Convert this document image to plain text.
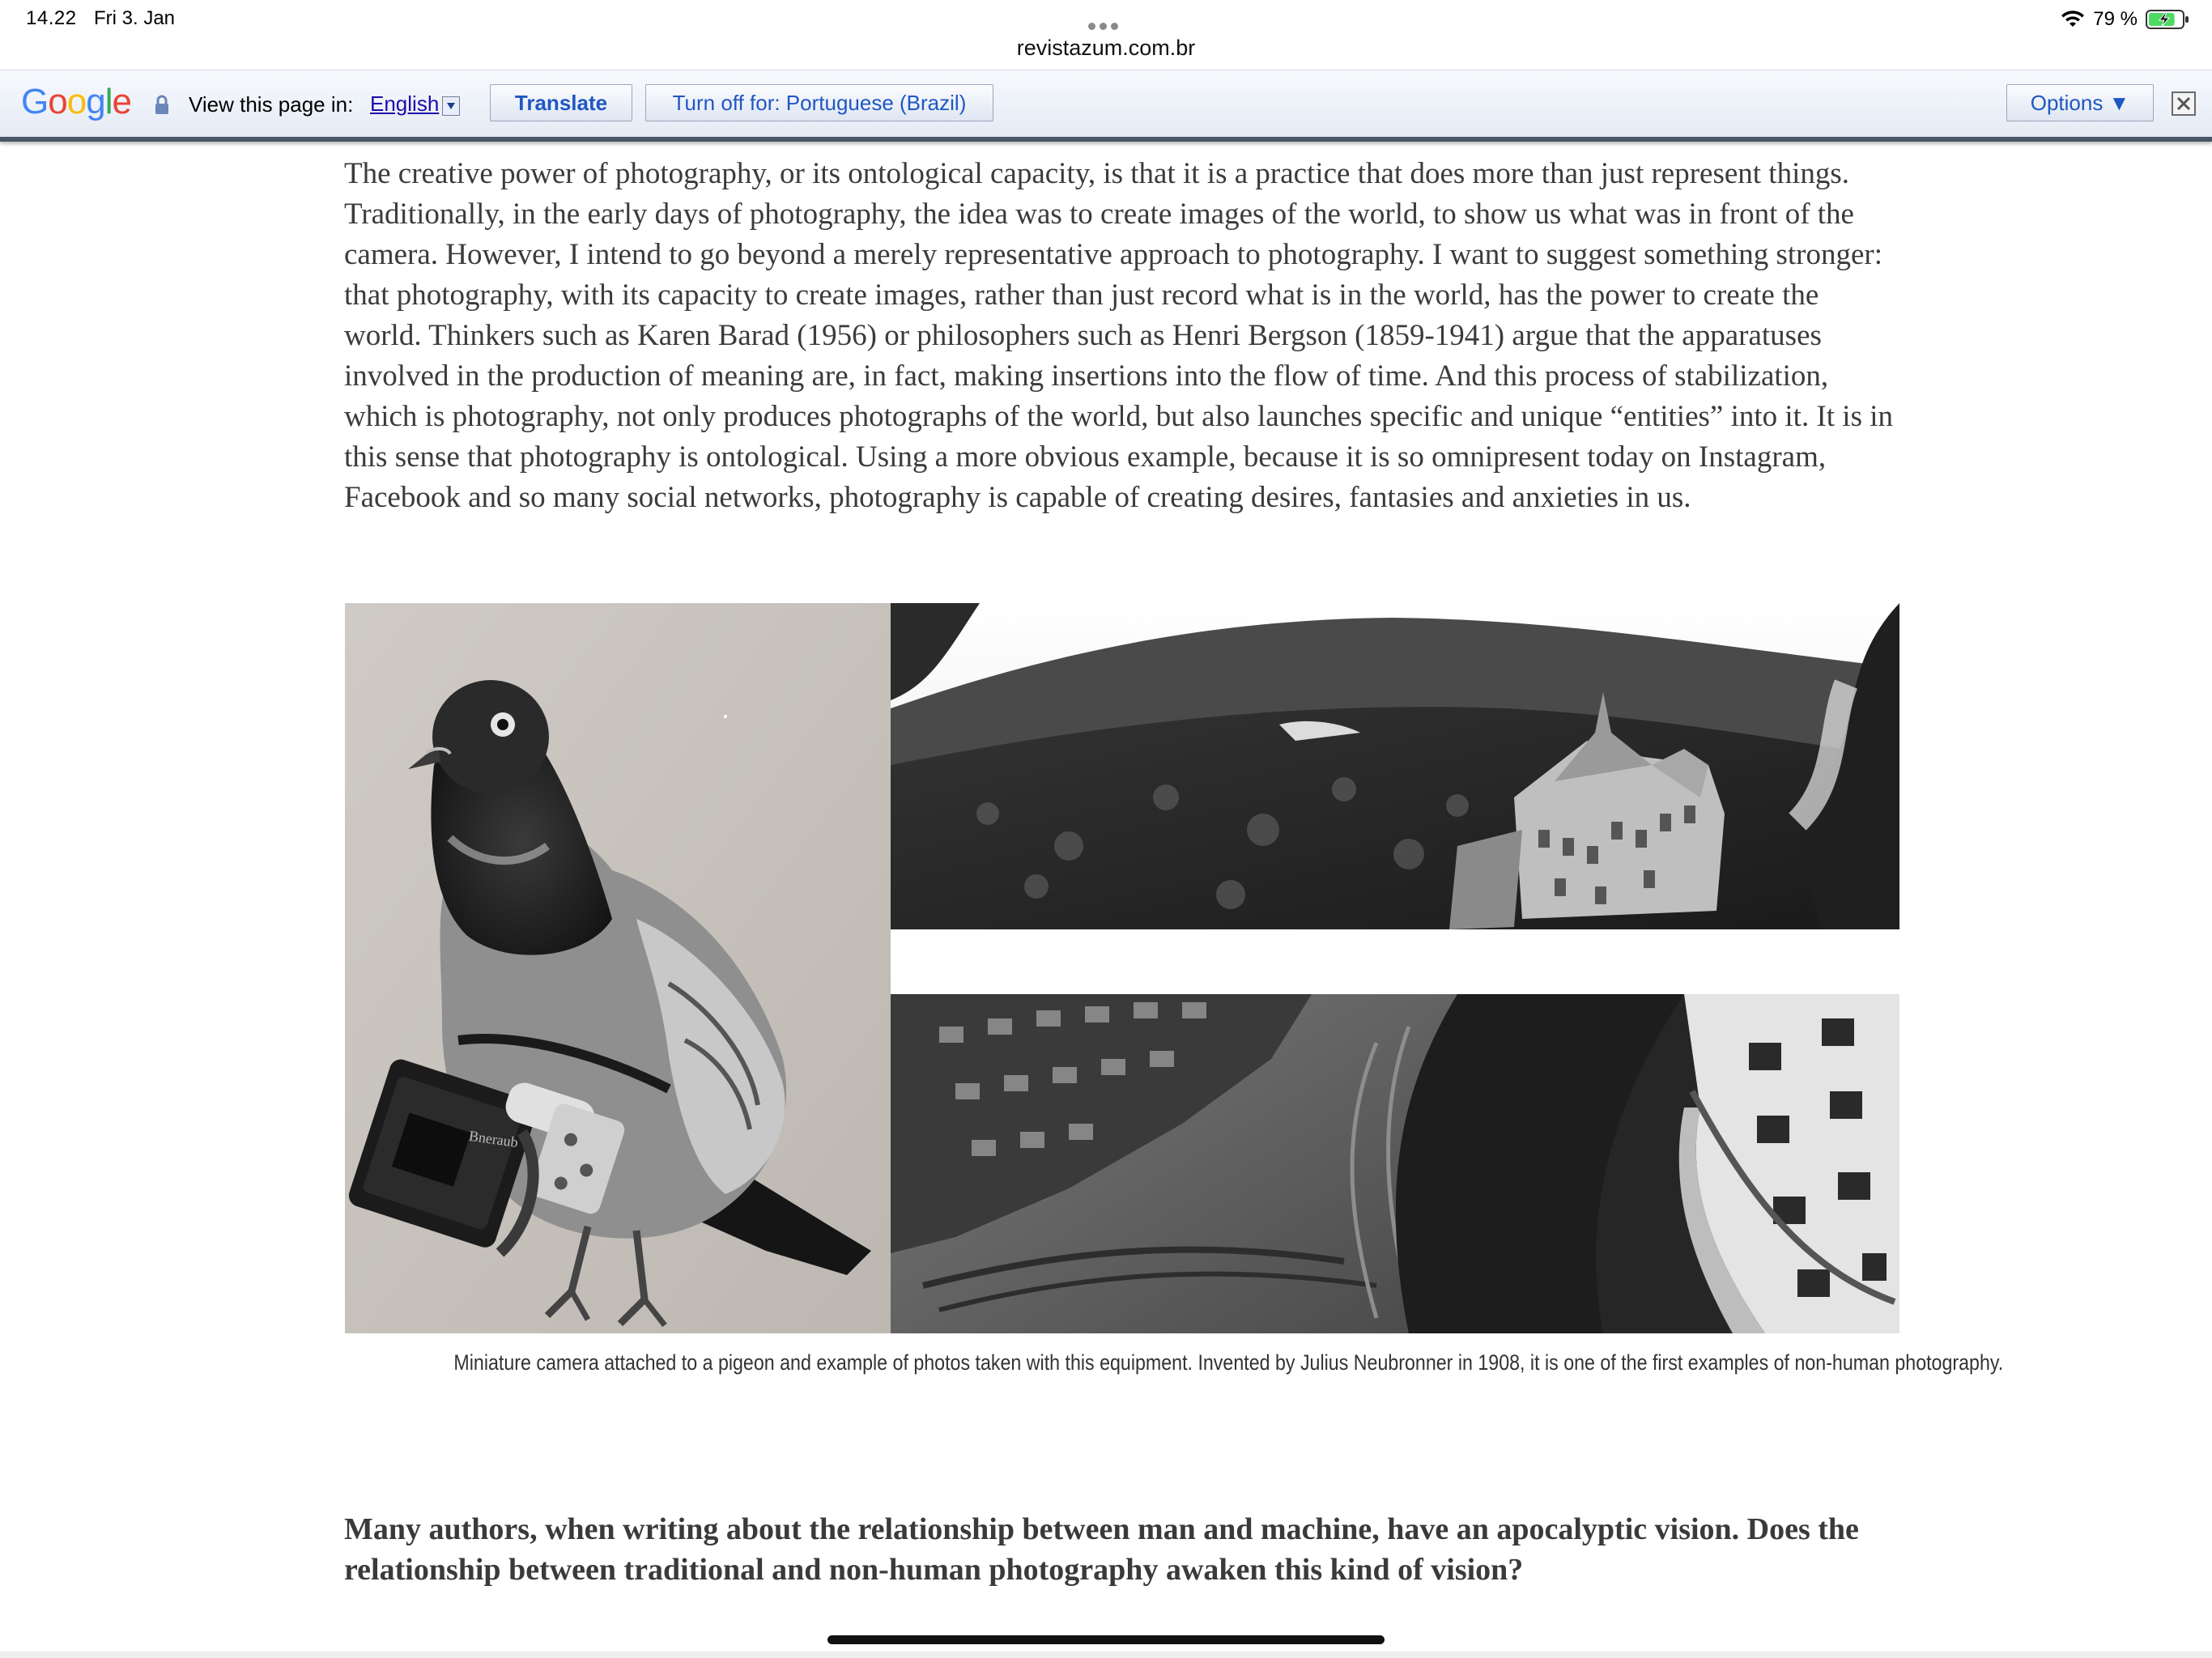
14.22 Fri 3. Jan	79 %
revistazum.com.br
Google	View this page in: English	Translate	Turn off for: Portuguese (Brazil)	Options ▼

The creative power of photography, or its ontological capacity, is that it is a practice that does more than just represent things. Traditionally, in the early days of photography, the idea was to create images of the world, to show us what was in front of the camera. However, I intend to go beyond a merely representative approach to photography. I want to suggest something stronger: that photography, with its capacity to create images, rather than just record what is in the world, has the power to create the world. Thinkers such as Karen Barad (1956) or philosophers such as Henri Bergson (1859-1941) argue that the apparatuses involved in the production of meaning are, in fact, making insertions into the flow of time. And this process of stabilization, which is photography, not only produces photographs of the world, but also launches specific and unique “entities” into it. It is in this sense that photography is ontological. Using a more obvious example, because it is so omnipresent today on Instagram, Facebook and so many social networks, photography is capable of creating desires, fantasies and anxieties in us.

Bneraub
Miniature camera attached to a pigeon and example of photos taken with this equipment. Invented by Julius Neubronner in 1908, it is one of the first examples of non-human photography.

Many authors, when writing about the relationship between man and machine, have an apocalyptic vision. Does the relationship between traditional and non-human photography awaken this kind of vision?
